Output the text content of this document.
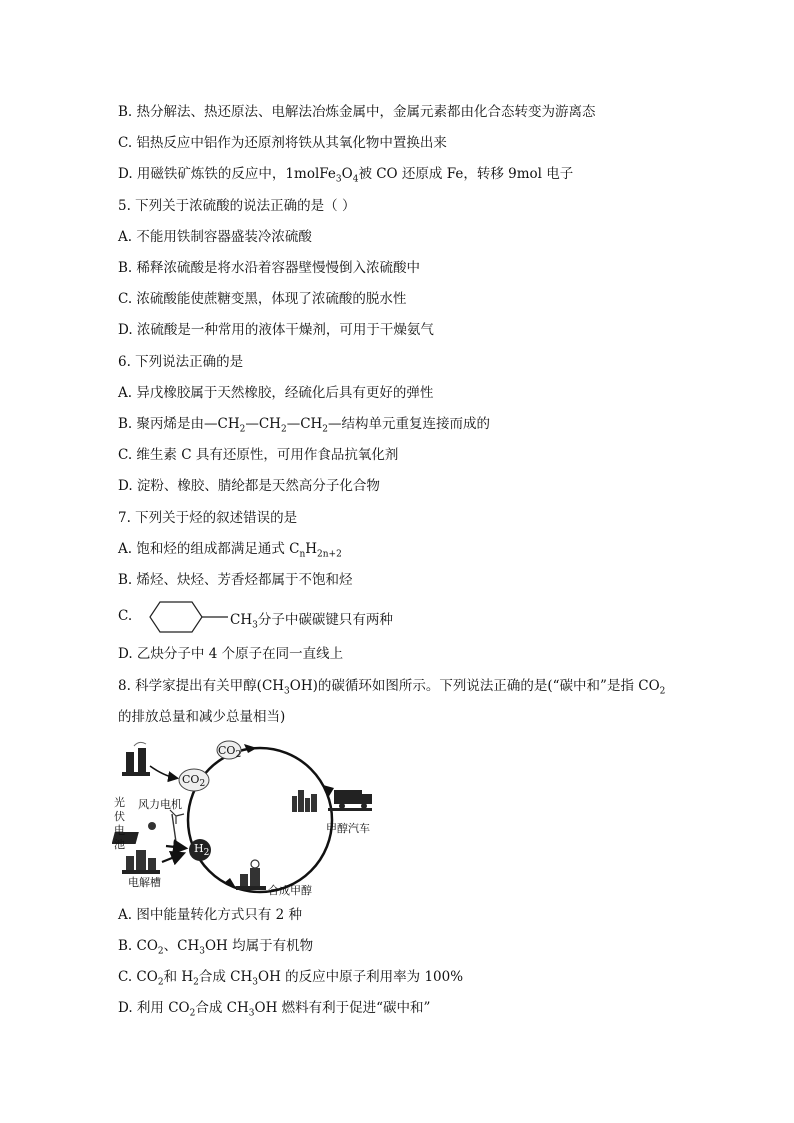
B. 热分解法、热还原法、电解法冶炼金属中，金属元素都由化合态转变为游离态
C. 铝热反应中铝作为还原剂将铁从其氧化物中置换出来
D. 用磁铁矿炼铁的反应中，$1molFe_3O_4$被 CO 还原成 Fe，转移 9mol 电子
5. 下列关于浓硫酸的说法正确的是（ ）
A. 不能用铁制容器盛装冷浓硫酸
B. 稀释浓硫酸是将水沿着容器壁慢慢倒入浓硫酸中
C. 浓硫酸能使蔗糖变黑，体现了浓硫酸的脱水性
D. 浓硫酸是一种常用的液体干燥剂，可用于干燥氨气
6. 下列说法正确的是
A. 异戊橡胶属于天然橡胶，经硫化后具有更好的弹性
B. 聚丙烯是由$—CH_2—CH_2—CH_2—$结构单元重复连接而成的
C. 维生素 C 具有还原性，可用作食品抗氧化剂
D. 淀粉、橡胶、腈纶都是天然高分子化合物
7. 下列关于烃的叙述错误的是
A. 饱和烃的组成都满足通式 $C_nH_{2n+2}$
B. 烯烃、炔烃、芳香烃都属于不饱和烃
C.	$CH_3$分子中碳碳键只有两种
D. 乙炔分子中 4 个原子在同一直线上
8. 科学家提出有关甲醇$(CH_3OH)$的碳循环如图所示。下列说法正确的是(“碳中和”是指 $CO_2$
的排放总量和减少总量相当)
$CO_2$
$CO_2$
$H_2$
光
伏
电
池
风力电机
电解槽
合成甲醇
甲醇汽车
A. 图中能量转化方式只有 2 种
B. $CO_2$、$CH_3OH$ 均属于有机物
C. $CO_2$和 $H_2$合成 $CH_3OH$ 的反应中原子利用率为 100%
D. 利用 $CO_2$合成 $CH_3OH$ 燃料有利于促进“碳中和”
